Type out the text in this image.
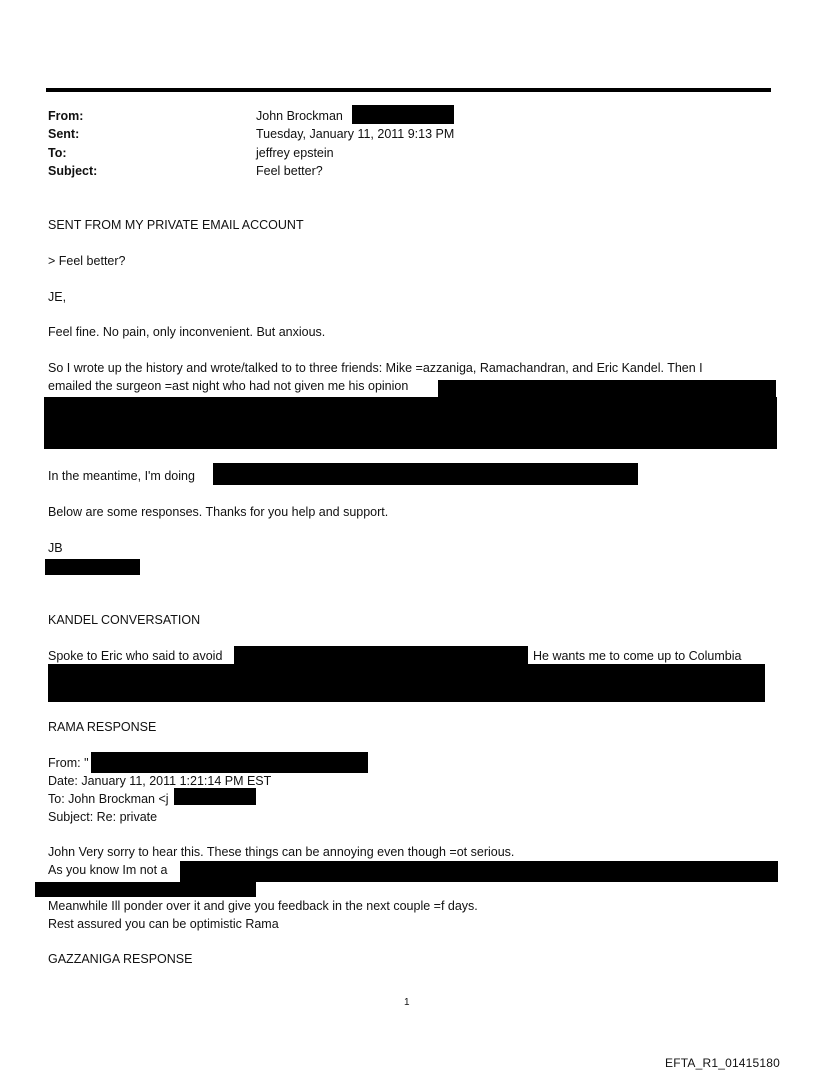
From:	John Brockman
Sent:	Tuesday, January 11, 2011 9:13 PM
To:	jeffrey epstein
Subject:	Feel better?
SENT FROM MY PRIVATE EMAIL ACCOUNT
> Feel better?
JE,
Feel fine. No pain, only inconvenient. But anxious.
So I wrote up the history and wrote/talked to to three friends: Mike =azzaniga, Ramachandran, and Eric Kandel. Then I
emailed the surgeon =ast night who had not given me his opinion
In the meantime, I'm doing
Below are some responses. Thanks for you help and support.
JB
KANDEL CONVERSATION
Spoke to Eric who said to avoid	He wants me to come up to Columbia
RAMA RESPONSE
From: "
Date: January 11, 2011 1:21:14 PM EST
To: John Brockman <j
Subject: Re: private
John Very sorry to hear this. These things can be annoying even though =ot serious.
As you know Im not a
Meanwhile Ill ponder over it and give you feedback in the next couple =f days.
Rest assured you can be optimistic Rama
GAZZANIGA RESPONSE
1
EFTA_R1_01415180
